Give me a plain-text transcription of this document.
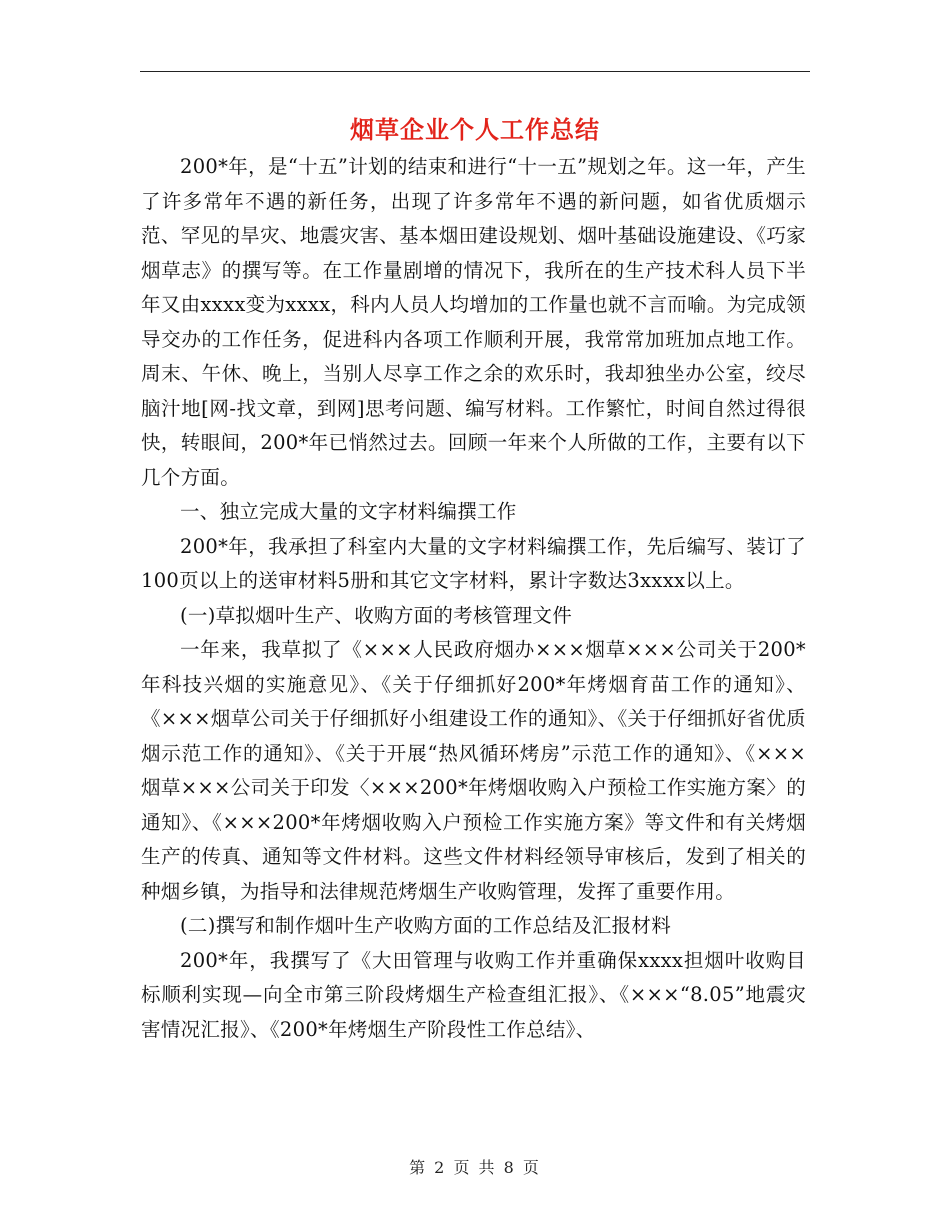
烟草企业个人工作总结

200*年，是“十五”计划的结束和进行“十一五”规划之年。这一年，产生了许多常年不遇的新任务，出现了许多常年不遇的新问题，如省优质烟示范、罕见的旱灾、地震灾害、基本烟田建设规划、烟叶基础设施建设、《巧家烟草志》的撰写等。在工作量剧增的情况下，我所在的生产技术科人员下半年又由xxxx变为xxxx，科内人员人均增加的工作量也就不言而喻。为完成领导交办的工作任务，促进科内各项工作顺利开展，我常常加班加点地工作。周末、午休、晚上，当别人尽享工作之余的欢乐时，我却独坐办公室，绞尽脑汁地[网-找文章，到网]思考问题、编写材料。工作繁忙，时间自然过得很快，转眼间，200*年已悄然过去。回顾一年来个人所做的工作，主要有以下几个方面。

一、独立完成大量的文字材料编撰工作

200*年，我承担了科室内大量的文字材料编撰工作，先后编写、装订了100页以上的送审材料5册和其它文字材料，累计字数达3xxxx以上。

(一)草拟烟叶生产、收购方面的考核管理文件

一年来，我草拟了《×××人民政府烟办×××烟草×××公司关于200*年科技兴烟的实施意见》、《关于仔细抓好200*年烤烟育苗工作的通知》、《×××烟草公司关于仔细抓好小组建设工作的通知》、《关于仔细抓好省优质烟示范工作的通知》、《关于开展“热风循环烤房”示范工作的通知》、《×××烟草×××公司关于印发〈×××200*年烤烟收购入户预检工作实施方案〉的通知》、《×××200*年烤烟收购入户预检工作实施方案》等文件和有关烤烟生产的传真、通知等文件材料。这些文件材料经领导审核后，发到了相关的种烟乡镇，为指导和法律规范烤烟生产收购管理，发挥了重要作用。

(二)撰写和制作烟叶生产收购方面的工作总结及汇报材料

200*年，我撰写了《大田管理与收购工作并重确保xxxx担烟叶收购目标顺利实现—向全市第三阶段烤烟生产检查组汇报》、《×××“8.05”地震灾害情况汇报》、《200*年烤烟生产阶段性工作总结》、

第 2 页 共 8 页
